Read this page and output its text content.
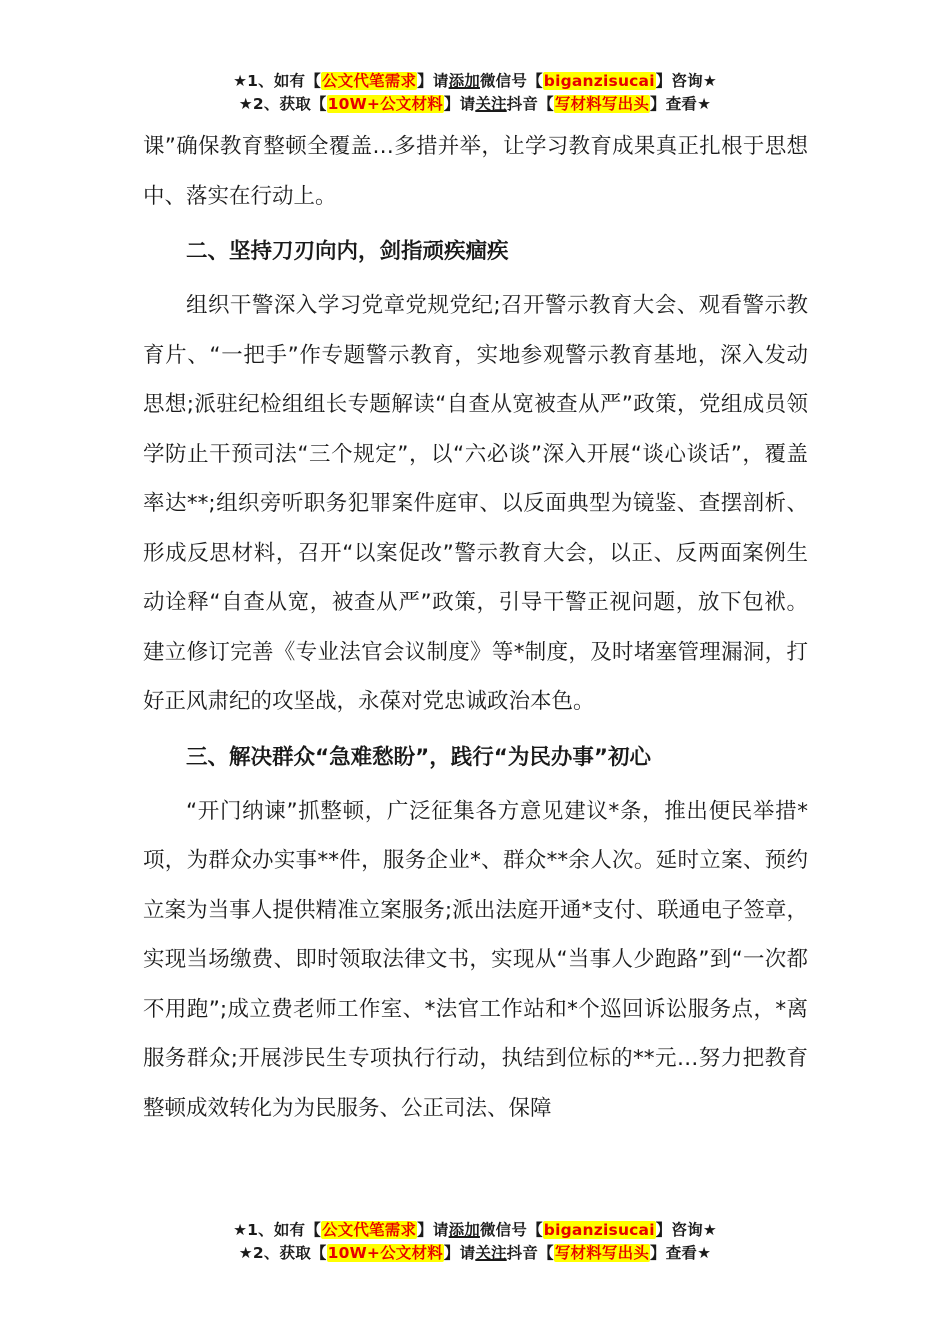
★1、如有【公文代笔需求】请添加微信号【biganzisucai】咨询★
★2、获取【10W+公文材料】请关注抖音【写材料写出头】查看★

课”确保教育整顿全覆盖…多措并举，让学习教育成果真正扎根于思想中、落实在行动上。

二、坚持刀刃向内，剑指顽疾痼疾

组织干警深入学习党章党规党纪;召开警示教育大会、观看警示教育片、“一把手”作专题警示教育，实地参观警示教育基地，深入发动思想;派驻纪检组组长专题解读“自查从宽被查从严”政策，党组成员领学防止干预司法“三个规定”，以“六必谈”深入开展“谈心谈话”，覆盖率达**;组织旁听职务犯罪案件庭审、以反面典型为镜鉴、查摆剖析、形成反思材料，召开“以案促改”警示教育大会，以正、反两面案例生动诠释“自查从宽，被查从严”政策，引导干警正视问题，放下包袱。建立修订完善《专业法官会议制度》等*制度，及时堵塞管理漏洞，打好正风肃纪的攻坚战，永葆对党忠诚政治本色。

三、解决群众“急难愁盼”，践行“为民办事”初心

“开门纳谏”抓整顿，广泛征集各方意见建议*条，推出便民举措*项，为群众办实事**件，服务企业*、群众**余人次。延时立案、预约立案为当事人提供精准立案服务;派出法庭开通*支付、联通电子签章，实现当场缴费、即时领取法律文书，实现从“当事人少跑路”到“一次都不用跑”;成立费老师工作室、*法官工作站和*个巡回诉讼服务点，*离服务群众;开展涉民生专项执行行动，执结到位标的**元…努力把教育整顿成效转化为为民服务、公正司法、保障

★1、如有【公文代笔需求】请添加微信号【biganzisucai】咨询★
★2、获取【10W+公文材料】请关注抖音【写材料写出头】查看★
